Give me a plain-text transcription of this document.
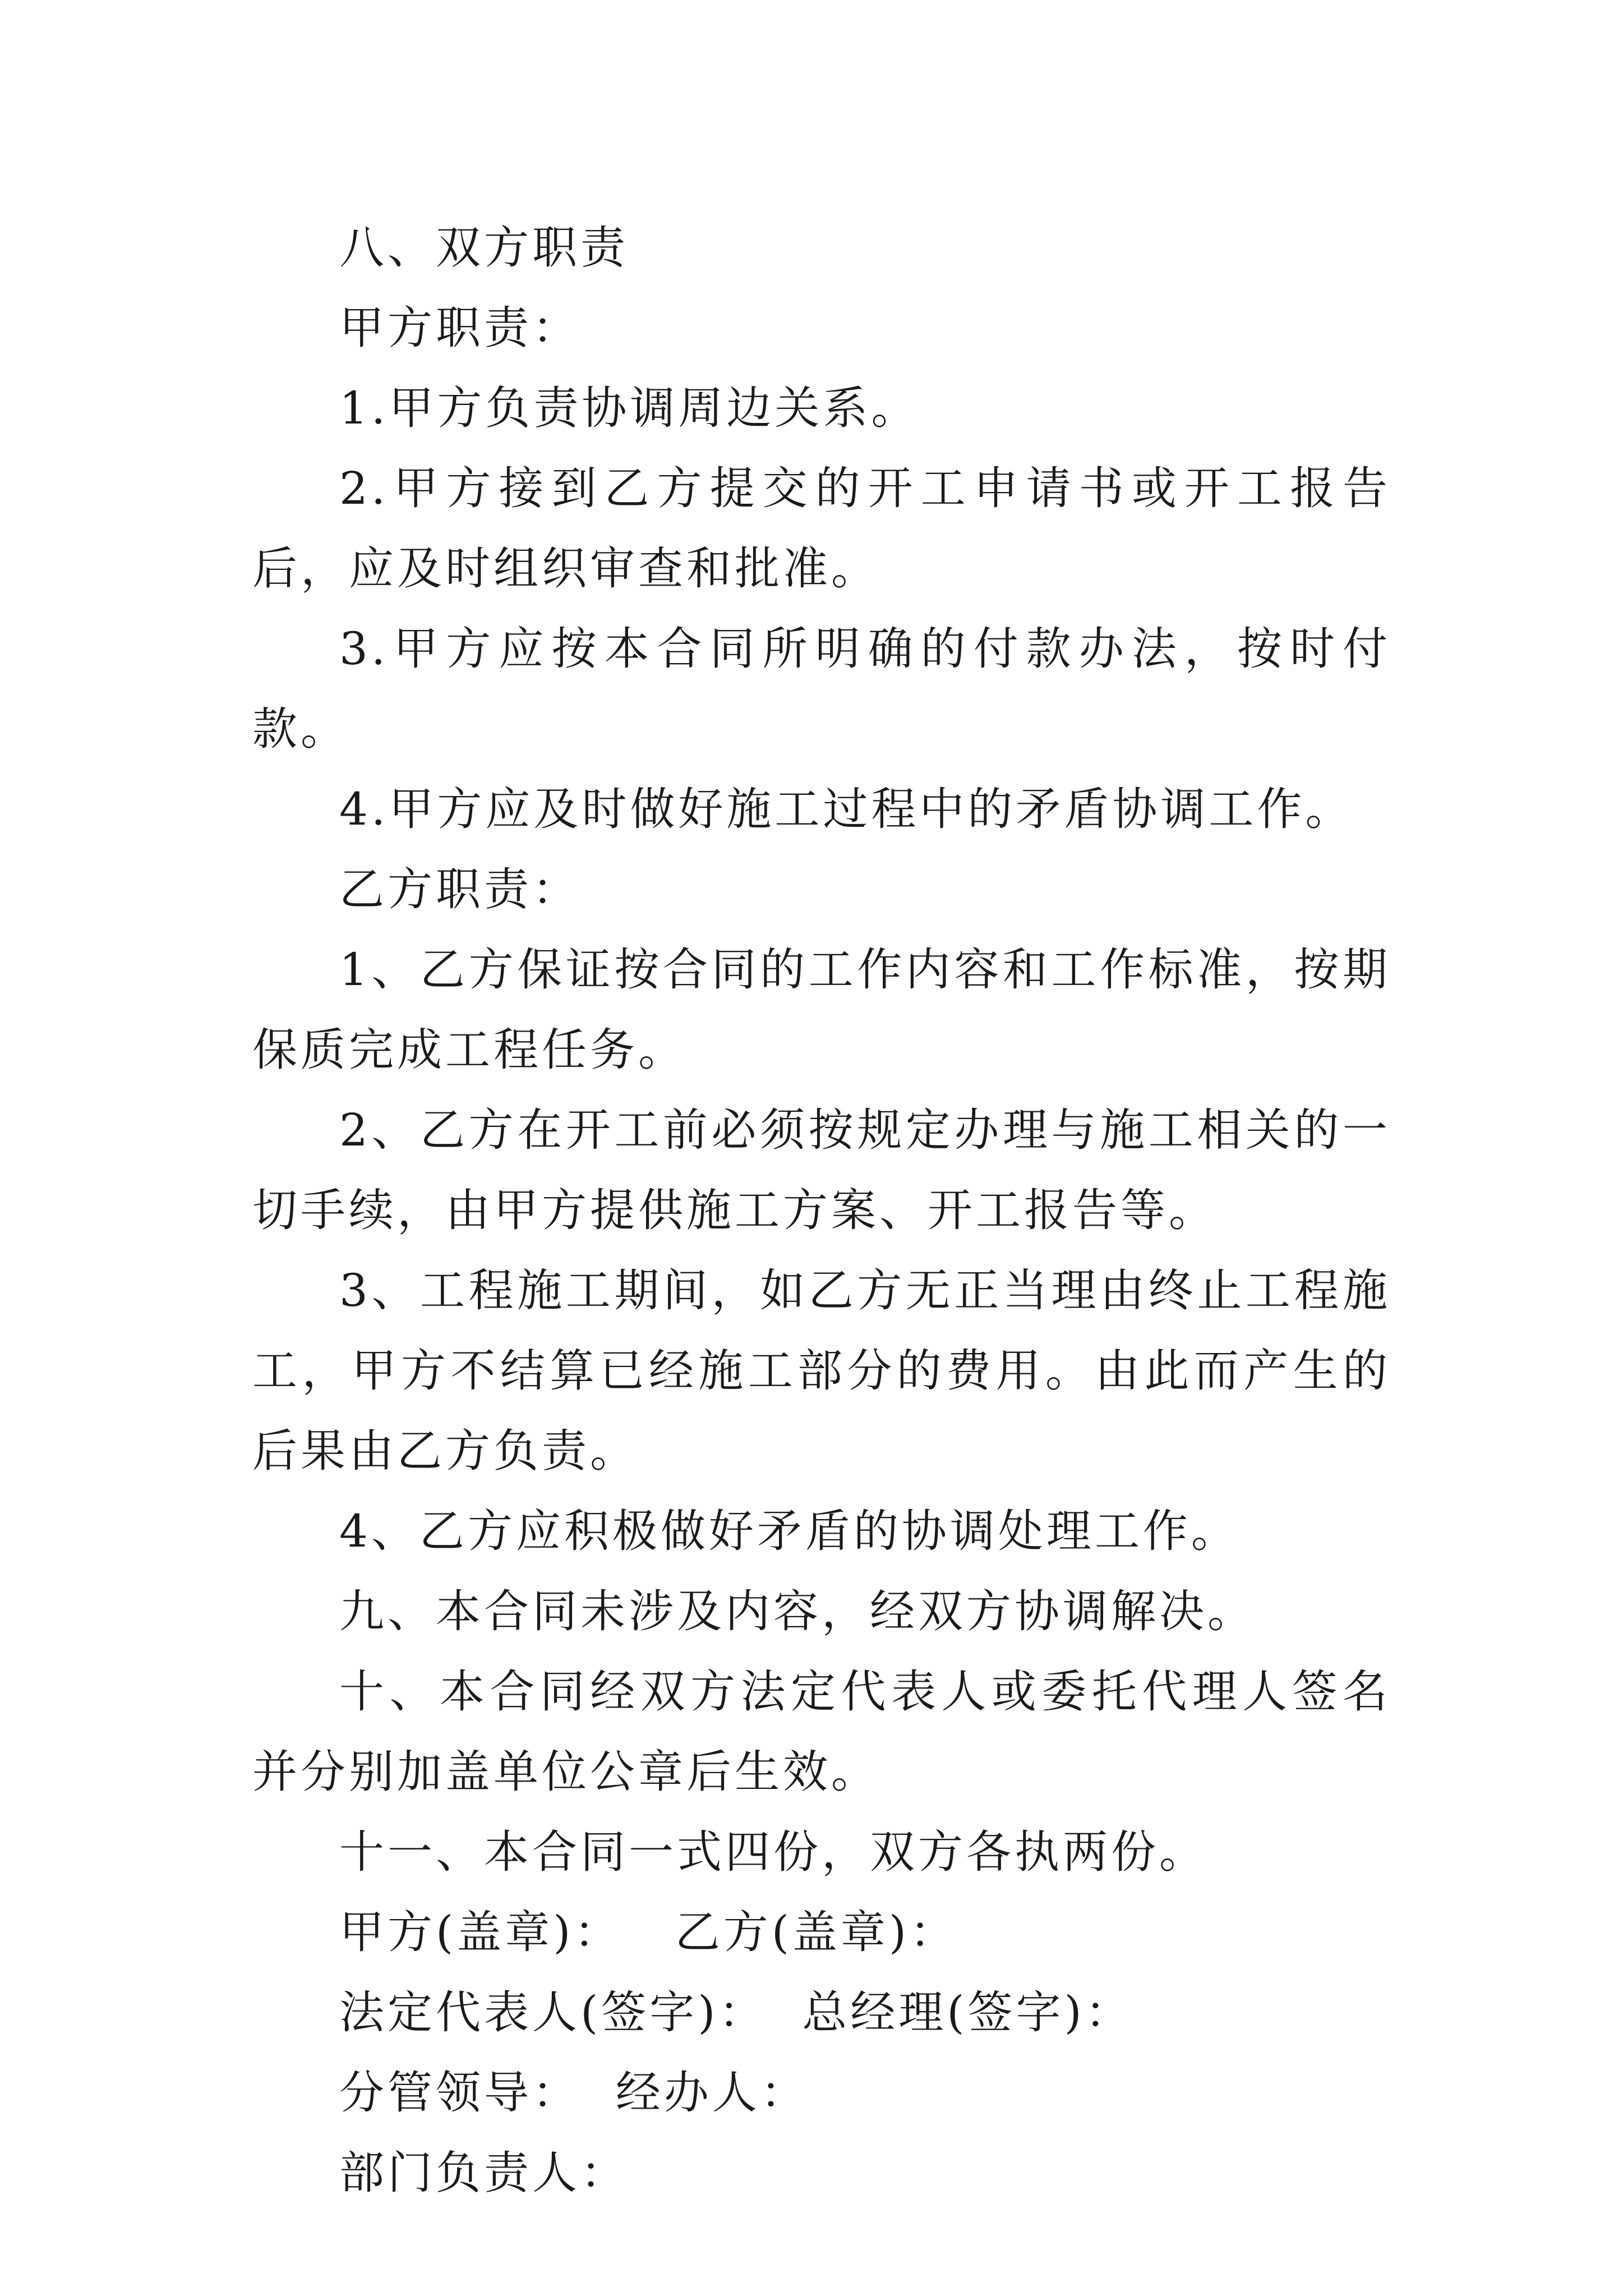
八、双方职责

甲方职责：

1.甲方负责协调周边关系。

2.甲方接到乙方提交的开工申请书或开工报告后，应及时组织审查和批准。

3.甲方应按本合同所明确的付款办法，按时付款。

4.甲方应及时做好施工过程中的矛盾协调工作。

乙方职责：

1、乙方保证按合同的工作内容和工作标准，按期保质完成工程任务。

2、乙方在开工前必须按规定办理与施工相关的一切手续，由甲方提供施工方案、开工报告等。

3、工程施工期间，如乙方无正当理由终止工程施工，甲方不结算已经施工部分的费用。由此而产生的后果由乙方负责。

4、乙方应积极做好矛盾的协调处理工作。

九、本合同未涉及内容，经双方协调解决。

十、本合同经双方法定代表人或委托代理人签名并分别加盖单位公章后生效。

十一、本合同一式四份，双方各执两份。

甲方(盖章)：   乙方(盖章)：

法定代表人(签字)：  总经理(签字)：

分管领导：  经办人：

部门负责人：
